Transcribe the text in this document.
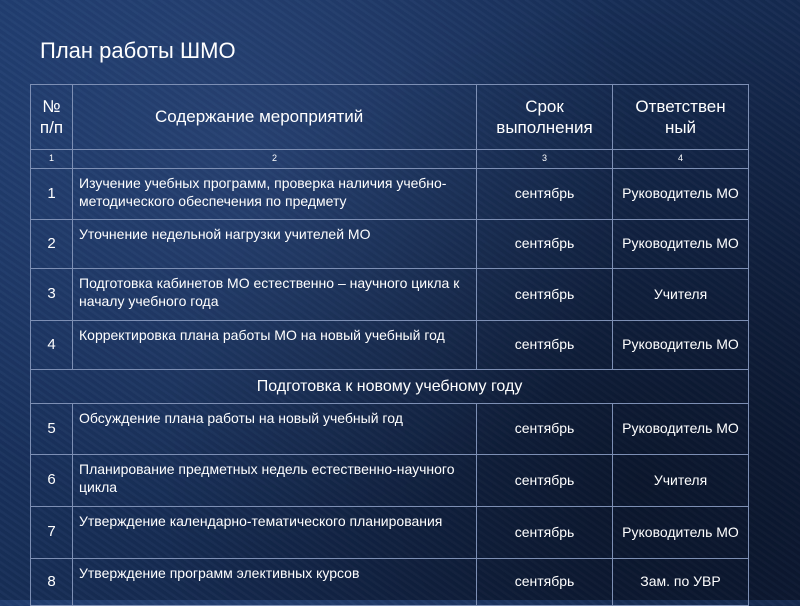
План работы ШМО
№ п/п	Содержание мероприятий	Срок выполнения	Ответствен ный
1	2	3	4
1	Изучение учебных программ, проверка наличия учебно-методического обеспечения по предмету	сентябрь	Руководитель МО
2	Уточнение недельной нагрузки учителей МО	сентябрь	Руководитель МО
3	Подготовка кабинетов МО естественно – научного цикла к началу учебного года	сентябрь	Учителя
4	Корректировка плана работы МО на новый учебный год	сентябрь	Руководитель МО
Подготовка к новому учебному году			
5	Обсуждение плана работы на новый учебный год	сентябрь	Руководитель МО
6	Планирование предметных недель естественно-научного цикла	сентябрь	Учителя
7	Утверждение календарно-тематического планирования	сентябрь	Руководитель МО
8	Утверждение программ элективных курсов	сентябрь	Зам. по УВР
